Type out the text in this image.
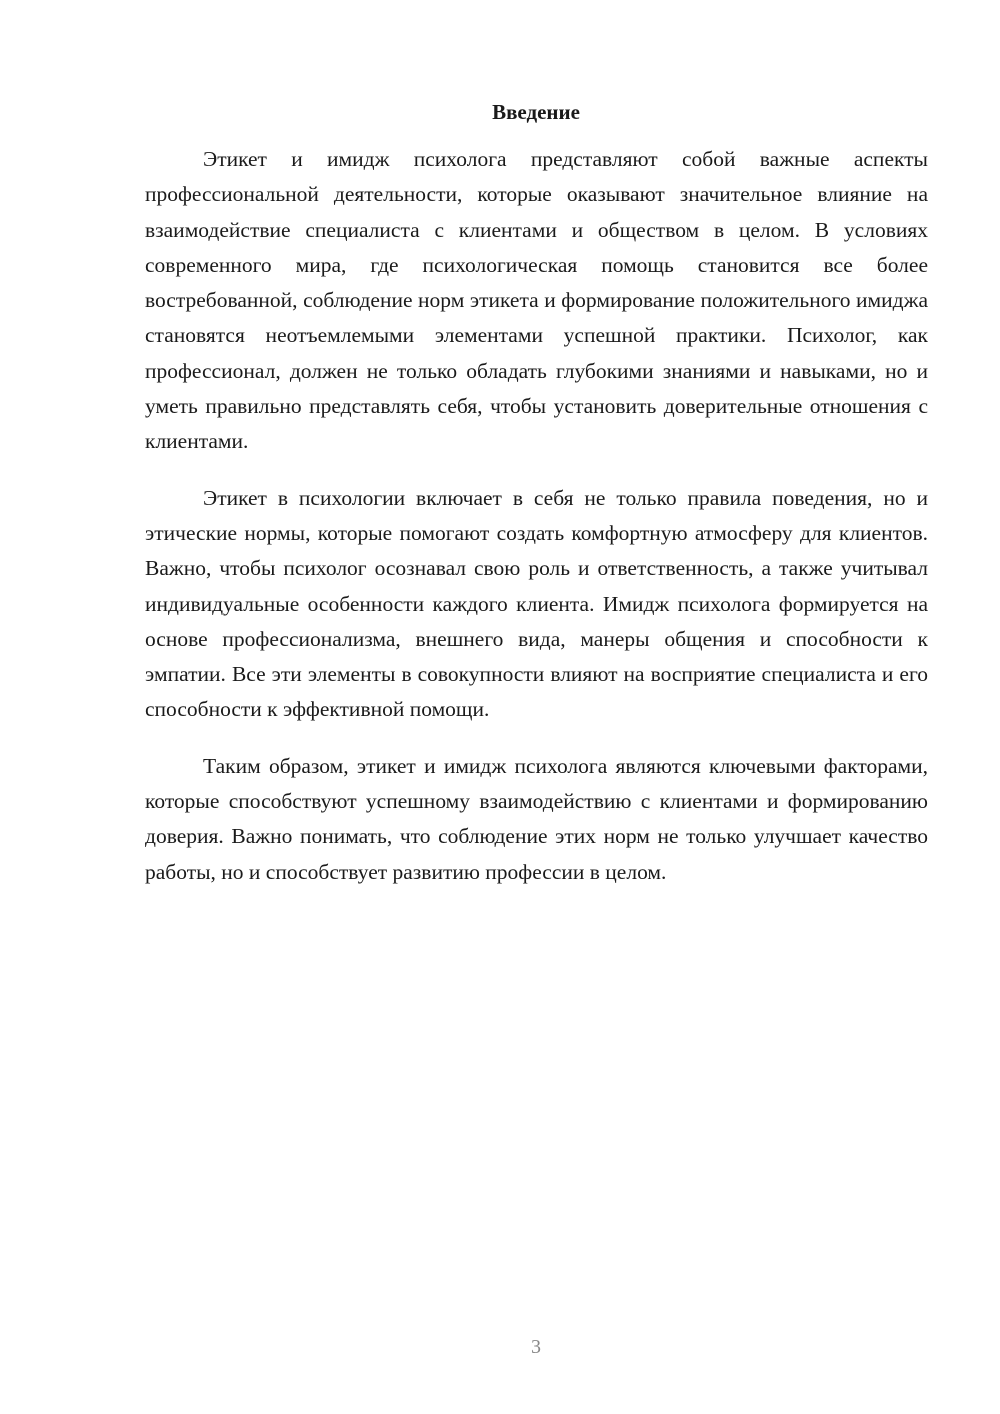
Введение

Этикет и имидж психолога представляют собой важные аспекты профессиональной деятельности, которые оказывают значительное влияние на взаимодействие специалиста с клиентами и обществом в целом. В условиях современного мира, где психологическая помощь становится все более востребованной, соблюдение норм этикета и формирование положительного имиджа становятся неотъемлемыми элементами успешной практики. Психолог, как профессионал, должен не только обладать глубокими знаниями и навыками, но и уметь правильно представлять себя, чтобы установить доверительные отношения с клиентами.

Этикет в психологии включает в себя не только правила поведения, но и этические нормы, которые помогают создать комфортную атмосферу для клиентов. Важно, чтобы психолог осознавал свою роль и ответственность, а также учитывал индивидуальные особенности каждого клиента. Имидж психолога формируется на основе профессионализма, внешнего вида, манеры общения и способности к эмпатии. Все эти элементы в совокупности влияют на восприятие специалиста и его способности к эффективной помощи.

Таким образом, этикет и имидж психолога являются ключевыми факторами, которые способствуют успешному взаимодействию с клиентами и формированию доверия. Важно понимать, что соблюдение этих норм не только улучшает качество работы, но и способствует развитию профессии в целом.

3
